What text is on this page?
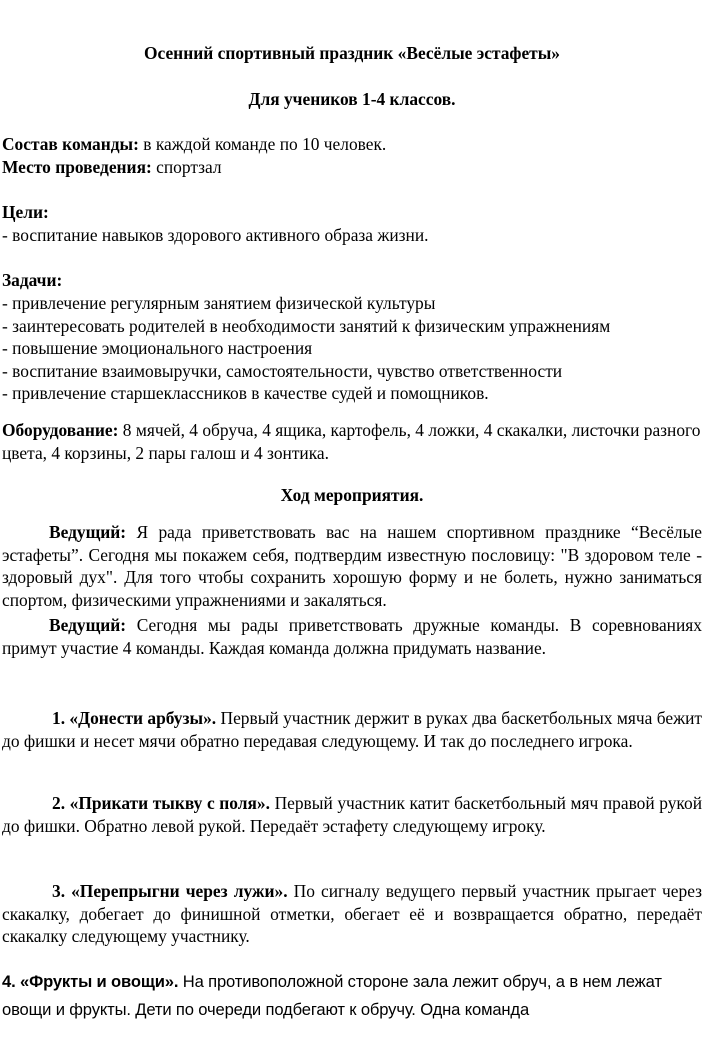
Осенний спортивный праздник «Весёлые эстафеты»

Для учеников 1-4 классов.

Состав команды: в каждой команде по 10 человек.

Место проведения: спортзал

Цели:

- воспитание навыков здорового активного образа жизни.

Задачи:

- привлечение регулярным занятием физической культуры
- заинтересовать родителей в необходимости занятий к физическим упражнениям
- повышение эмоционального настроения
- воспитание взаимовыручки, самостоятельности, чувство ответственности
- привлечение старшеклассников в качестве судей и помощников.

Оборудование: 8 мячей, 4 обруча, 4 ящика, картофель, 4 ложки, 4 скакалки, листочки разного цвета, 4 корзины, 2 пары галош и 4 зонтика.

Ход мероприятия.

Ведущий: Я рада приветствовать вас на нашем спортивном празднике “Весёлые эстафеты”. Сегодня мы покажем себя, подтвердим известную пословицу: "В здоровом теле - здоровый дух". Для того чтобы сохранить хорошую форму и не болеть, нужно заниматься спортом, физическими упражнениями и закаляться.

Ведущий: Сегодня мы рады приветствовать дружные команды. В соревнованиях примут участие 4 команды. Каждая команда должна придумать название.

1. «Донести арбузы». Первый участник держит в руках два баскетбольных мяча бежит до фишки и несет мячи обратно передавая следующему. И так до последнего игрока.

2. «Прикати тыкву с поля». Первый участник катит баскетбольный мяч правой рукой до фишки. Обратно левой рукой. Передаёт эстафету следующему игроку.

3. «Перепрыгни через лужи». По сигналу ведущего первый участник прыгает через скакалку, добегает до финишной отметки, обегает её и возвращается обратно, передаёт скакалку следующему участнику.

4. «Фрукты и овощи». На противоположной стороне зала лежит обруч, а в нем лежат овощи и фрукты. Дети по очереди подбегают к обручу. Одна команда
